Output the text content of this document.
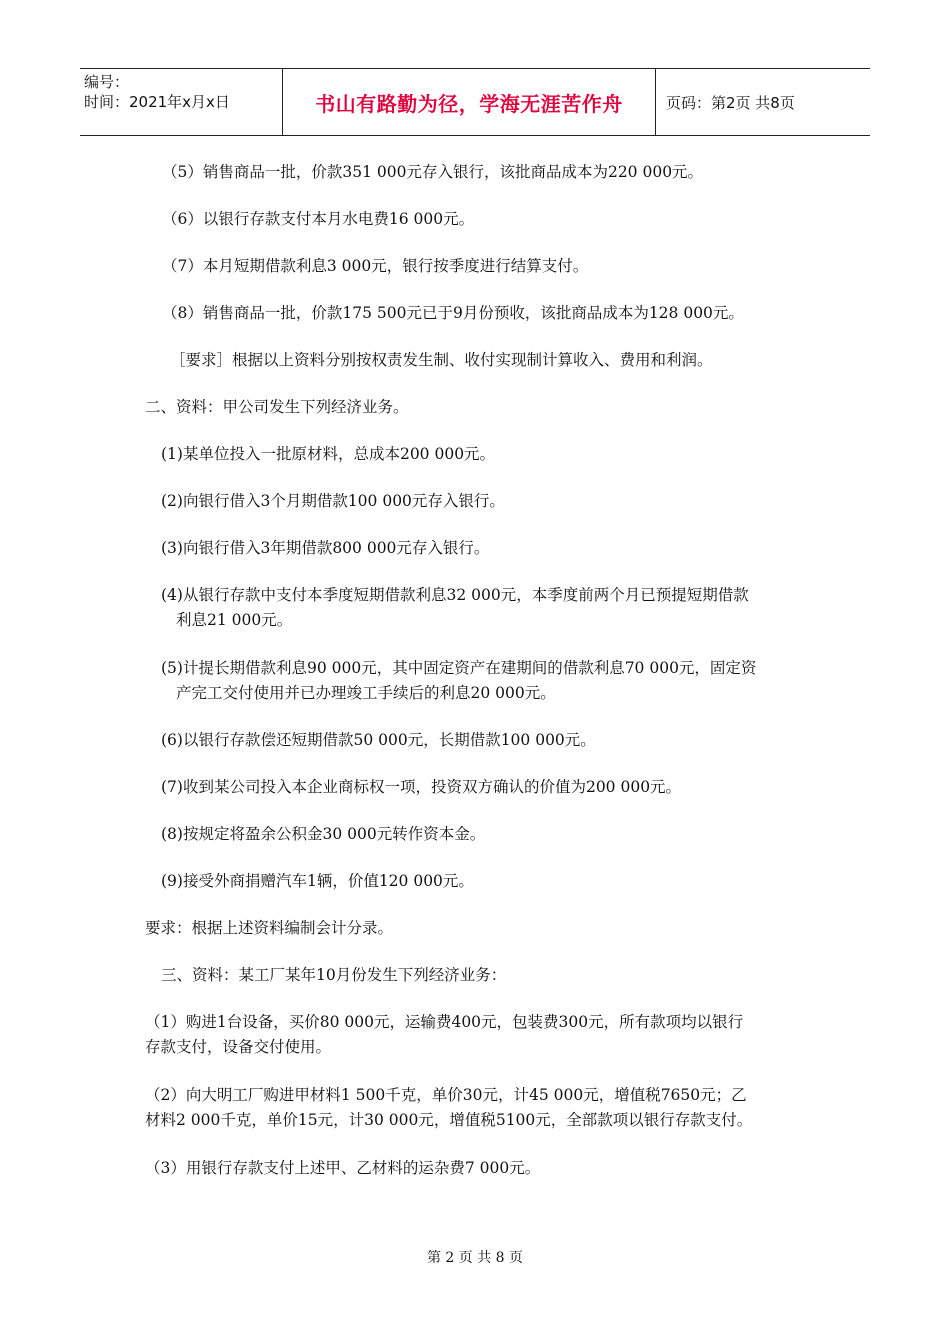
编号：
时间：2021年x月x日	书山有路勤为径，学海无涯苦作舟	页码：第2页 共8页
（5）销售商品一批，价款351 000元存入银行，该批商品成本为220 000元。
（6）以银行存款支付本月水电费16 000元。
（7）本月短期借款利息3 000元，银行按季度进行结算支付。
（8）销售商品一批，价款175 500元已于9月份预收，该批商品成本为128 000元。
［要求］根据以上资料分别按权责发生制、收付实现制计算收入、费用和利润。
二、资料：甲公司发生下列经济业务。
(1)某单位投入一批原材料，总成本200 000元。
(2)向银行借入3个月期借款100 000元存入银行。
(3)向银行借入3年期借款800 000元存入银行。
(4)从银行存款中支付本季度短期借款利息32 000元，本季度前两个月已预提短期借款
利息21 000元。
(5)计提长期借款利息90 000元，其中固定资产在建期间的借款利息70 000元，固定资
产完工交付使用并已办理竣工手续后的利息20 000元。
(6)以银行存款偿还短期借款50 000元，长期借款100 000元。
(7)收到某公司投入本企业商标权一项，投资双方确认的价值为200 000元。
(8)按规定将盈余公积金30 000元转作资本金。
(9)接受外商捐赠汽车1辆，价值120 000元。
要求：根据上述资料编制会计分录。
三、资料：某工厂某年10月份发生下列经济业务：
（1）购进1台设备，买价80 000元，运输费400元，包装费300元，所有款项均以银行
存款支付，设备交付使用。
（2）向大明工厂购进甲材料1 500千克，单价30元，计45 000元，增值税7650元；乙
材料2 000千克，单价15元，计30 000元，增值税5100元，全部款项以银行存款支付。
（3）用银行存款支付上述甲、乙材料的运杂费7 000元。
第 2 页 共 8 页
